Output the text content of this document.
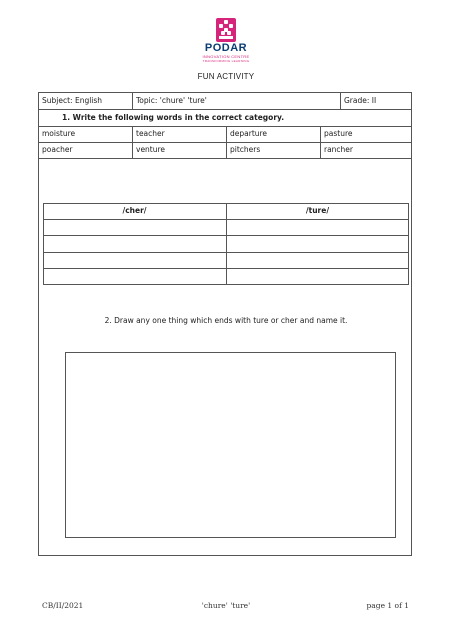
PODAR
INNOVATION CENTRE
TRANSFORMING LEARNING
FUN ACTIVITY
Subject: English	Topic: 'chure' 'ture'	Grade: II
1. Write the following words in the correct category.
moisture	teacher	departure	pasture
poacher	venture	pitchers	rancher
/cher/	/ture/
2. Draw any one thing which ends with ture or cher and name it.
CB/II/2021	'chure' 'ture'	page 1 of 1
